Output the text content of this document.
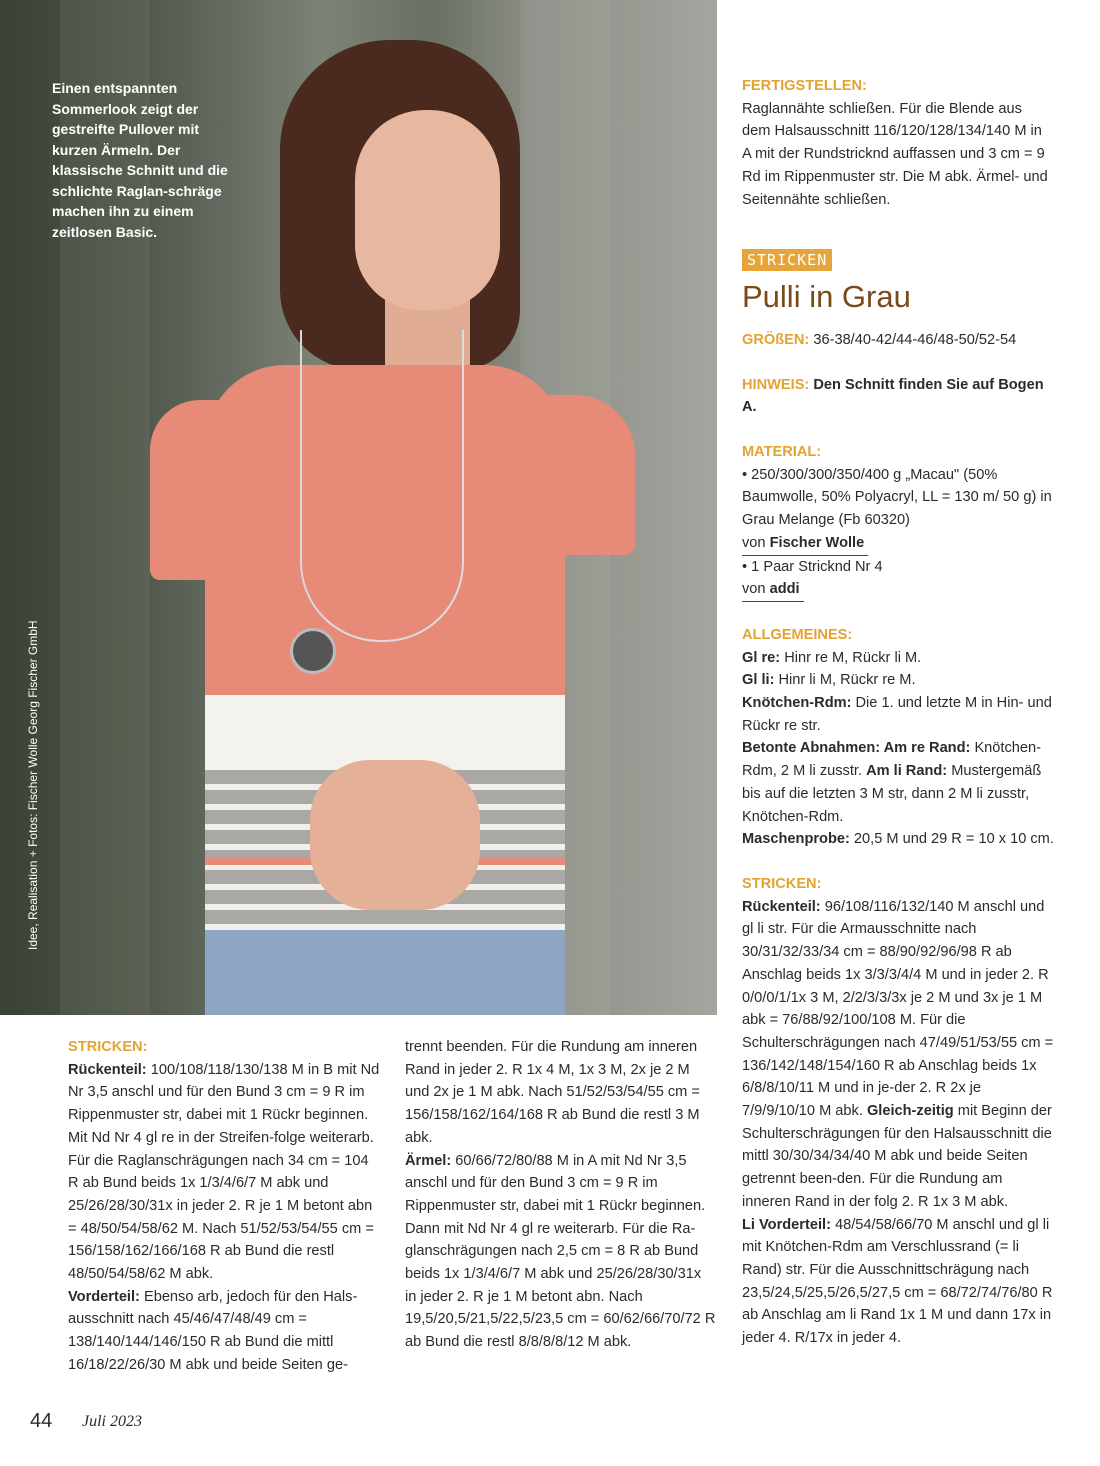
Einen entspannten Sommerlook zeigt der gestreifte Pullover mit kurzen Ärmeln. Der klassische Schnitt und die schlichte Raglan-schräge machen ihn zu einem zeitlosen Basic.
Idee, Realisation + Fotos: Fischer Wolle Georg Fischer GmbH

STRICKEN:

Rückenteil: 100/108/118/130/138 M in B mit Nd Nr 3,5 anschl und für den Bund 3 cm = 9 R im Rippenmuster str, dabei mit 1 Rückr beginnen. Mit Nd Nr 4 gl re in der Streifen-folge weiterarb. Für die Raglanschrägungen nach 34 cm = 104 R ab Bund beids 1x 1/3/4/6/7 M abk und 25/26/28/30/31x in jeder 2. R je 1 M betont abn = 48/50/54/58/62 M. Nach 51/52/53/54/55 cm = 156/158/162/166/168 R ab Bund die restl 48/50/54/58/62 M abk.

Vorderteil: Ebenso arb, jedoch für den Hals-ausschnitt nach 45/46/47/48/49 cm = 138/140/144/146/150 R ab Bund die mittl 16/18/22/26/30 M abk und beide Seiten ge-

trennt beenden. Für die Rundung am inneren Rand in jeder 2. R 1x 4 M, 1x 3 M, 2x je 2 M und 2x je 1 M abk. Nach 51/52/53/54/55 cm = 156/158/162/164/168 R ab Bund die restl 3 M abk.

Ärmel: 60/66/72/80/88 M in A mit Nd Nr 3,5 anschl und für den Bund 3 cm = 9 R im Rippenmuster str, dabei mit 1 Rückr beginnen. Dann mit Nd Nr 4 gl re weiterarb. Für die Ra-glanschrägungen nach 2,5 cm = 8 R ab Bund beids 1x 1/3/4/6/7 M abk und 25/26/28/30/31x in jeder 2. R je 1 M betont abn. Nach 19,5/20,5/21,5/22,5/23,5 cm = 60/62/66/70/72 R ab Bund die restl 8/8/8/8/12 M abk.

FERTIGSTELLEN:

Raglannähte schließen. Für die Blende aus dem Halsausschnitt 116/120/128/134/140 M in A mit der Rundstricknd auffassen und 3 cm = 9 Rd im Rippenmuster str. Die M abk. Ärmel- und Seitennähte schließen.

STRICKEN
Pulli in Grau

GRÖßEN: 36-38/40-42/44-46/48-50/52-54

HINWEIS: Den Schnitt finden Sie auf Bogen A.

MATERIAL:

• 250/300/300/350/400 g „Macau" (50% Baumwolle, 50% Polyacryl, LL = 130 m/ 50 g) in Grau Melange (Fb 60320)

von Fischer Wolle

• 1 Paar Stricknd Nr 4

von addi

ALLGEMEINES:

Gl re: Hinr re M, Rückr li M.

Gl li: Hinr li M, Rückr re M.

Knötchen-Rdm: Die 1. und letzte M in Hin- und Rückr re str.

Betonte Abnahmen: Am re Rand: Knötchen-Rdm, 2 M li zusstr. Am li Rand: Mustergemäß bis auf die letzten 3 M str, dann 2 M li zusstr, Knötchen-Rdm.

Maschenprobe: 20,5 M und 29 R = 10 x 10 cm.

STRICKEN:

Rückenteil: 96/108/116/132/140 M anschl und gl li str. Für die Armausschnitte nach 30/31/32/33/34 cm = 88/90/92/96/98 R ab Anschlag beids 1x 3/3/3/4/4 M und in jeder 2. R 0/0/0/1/1x 3 M, 2/2/3/3/3x je 2 M und 3x je 1 M abk = 76/88/92/100/108 M. Für die Schulterschrägungen nach 47/49/51/53/55 cm = 136/142/148/154/160 R ab Anschlag beids 1x 6/8/8/10/11 M und in je-der 2. R 2x je 7/9/9/10/10 M abk. Gleich-zeitig mit Beginn der Schulterschrägungen für den Halsausschnitt die mittl 30/30/34/34/40 M abk und beide Seiten getrennt been-den. Für die Rundung am inneren Rand in der folg 2. R 1x 3 M abk.

Li Vorderteil: 48/54/58/66/70 M anschl und gl li mit Knötchen-Rdm am Verschlussrand (= li Rand) str. Für die Ausschnittschrägung nach 23,5/24,5/25,5/26,5/27,5 cm = 68/72/74/76/80 R ab Anschlag am li Rand 1x 1 M und dann 17x in jeder 4. R/17x in jeder 4.

44 Juli 2023
